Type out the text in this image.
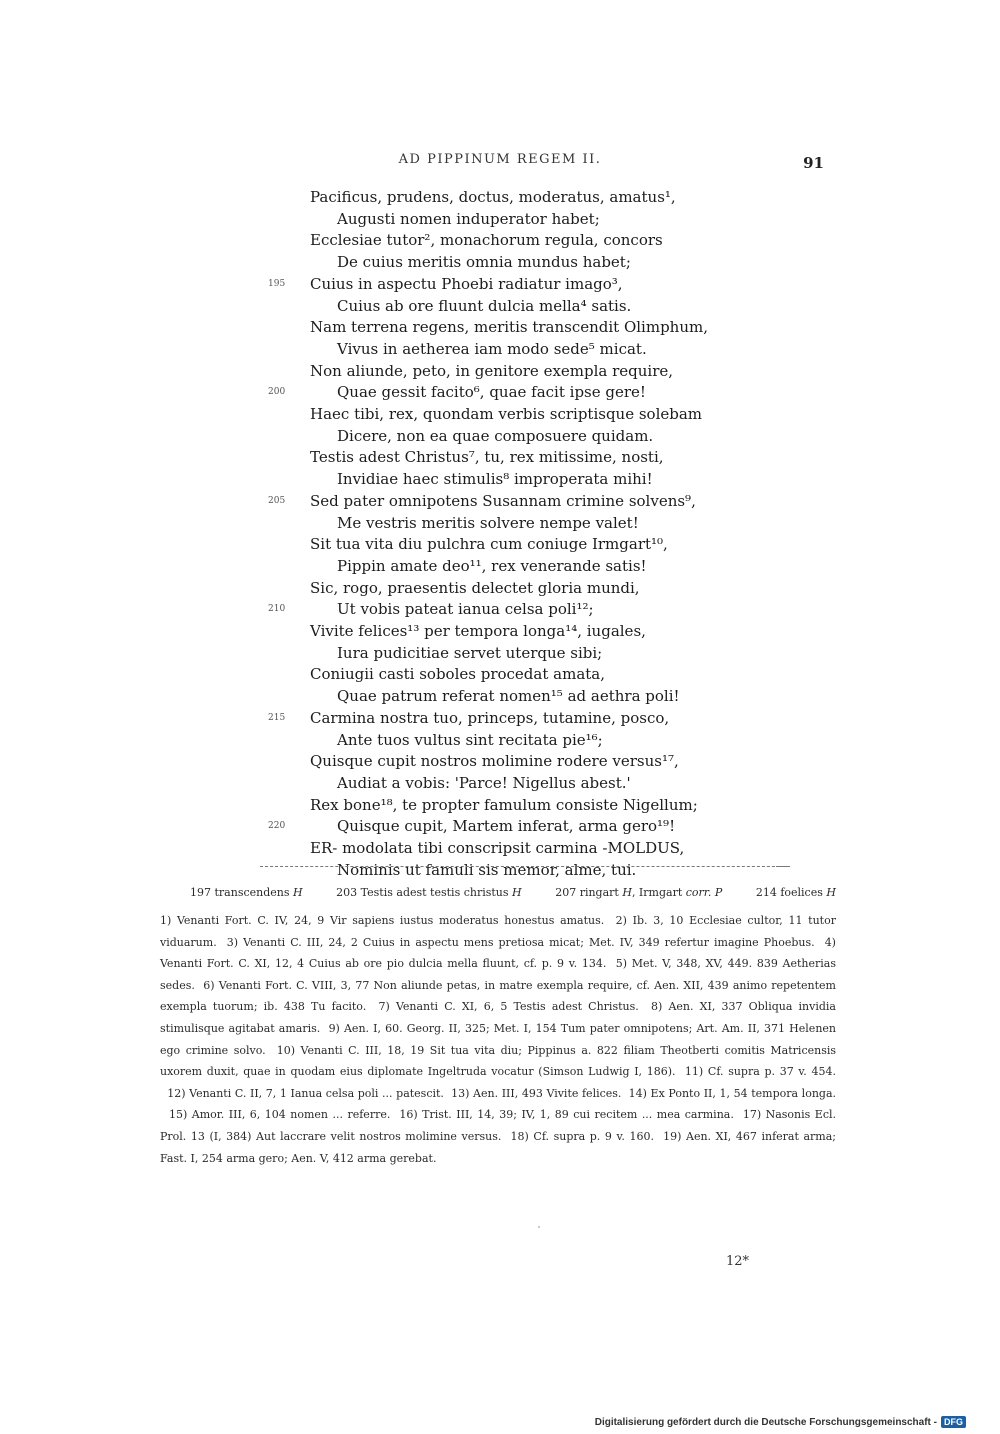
AD PIPPINUM REGEM II.	91
Pacificus, prudens, doctus, moderatus, amatus¹,
Augusti nomen induperator habet;
Ecclesiae tutor², monachorum regula, concors
De cuius meritis omnia mundus habet;
Cuius in aspectu Phoebi radiatur imago³,
195
Cuius ab ore fluunt dulcia mella⁴ satis.
Nam terrena regens, meritis transcendit Olimphum,
Vivus in aetherea iam modo sede⁵ micat.
Non aliunde, peto, in genitore exempla require,
Quae gessit facito⁶, quae facit ipse gere!
200
Haec tibi, rex, quondam verbis scriptisque solebam
Dicere, non ea quae composuere quidam.
Testis adest Christus⁷, tu, rex mitissime, nosti,
Invidiae haec stimulis⁸ improperata mihi!
Sed pater omnipotens Susannam crimine solvens⁹,
205
Me vestris meritis solvere nempe valet!
Sit tua vita diu pulchra cum coniuge Irmgart¹⁰,
Pippin amate deo¹¹, rex venerande satis!
Sic, rogo, praesentis delectet gloria mundi,
Ut vobis pateat ianua celsa poli¹²;
210
Vivite felices¹³ per tempora longa¹⁴, iugales,
Iura pudicitiae servet uterque sibi;
Coniugii casti soboles procedat amata,
Quae patrum referat nomen¹⁵ ad aethra poli!
Carmina nostra tuo, princeps, tutamine, posco,
215
Ante tuos vultus sint recitata pie¹⁶;
Quisque cupit nostros molimine rodere versus¹⁷,
Audiat a vobis: 'Parce! Nigellus abest.'
Rex bone¹⁸, te propter famulum consiste Nigellum;
Quisque cupit, Martem inferat, arma gero¹⁹!
220
ER- modolata tibi conscripsit carmina -MOLDUS,
Nominis ut famuli sis memor, alme, tui.
197 transcendens H	203 Testis adest testis christus H	207 ringart H, Irmgart corr. P	214 foelices H
1) Venanti Fort. C. IV, 24, 9 Vir sapiens iustus moderatus honestus amatus. 2) Ib. 3, 10 Ecclesiae cultor, 11 tutor viduarum. 3) Venanti C. III, 24, 2 Cuius in aspectu mens pretiosa micat; Met. IV, 349 refertur imagine Phoebus. 4) Venanti Fort. C. XI, 12, 4 Cuius ab ore pio dulcia mella fluunt, cf. p. 9 v. 134. 5) Met. V, 348, XV, 449. 839 Aetherias sedes. 6) Venanti Fort. C. VIII, 3, 77 Non aliunde petas, in matre exempla require, cf. Aen. XII, 439 animo repetentem exempla tuorum; ib. 438 Tu facito. 7) Venanti C. XI, 6, 5 Testis adest Christus. 8) Aen. XI, 337 Obliqua invidia stimulisque agitabat amaris. 9) Aen. I, 60. Georg. II, 325; Met. I, 154 Tum pater omnipotens; Art. Am. II, 371 Helenen ego crimine solvo. 10) Venanti C. III, 18, 19 Sit tua vita diu; Pippinus a. 822 filiam Theotberti comitis Matricensis uxorem duxit, quae in quodam eius diplomate Ingeltruda vocatur (Simson Ludwig I, 186). 11) Cf. supra p. 37 v. 454.12) Venanti C. II, 7, 1 Ianua celsa poli ... patescit. 13) Aen. III, 493 Vivite felices. 14) Ex Ponto II, 1, 54 tempora longa.15) Amor. III, 6, 104 nomen ... referre. 16) Trist. III, 14, 39; IV, 1, 89 cui recitem ... mea carmina. 17) Nasonis Ecl. Prol. 13 (I, 384) Aut laccrare velit nostros molimine versus. 18) Cf. supra p. 9 v. 160. 19) Aen. XI, 467 inferat arma; Fast. I, 254 arma gero; Aen. V, 412 arma gerebat.
12*
Digitalisierung gefördert durch die Deutsche Forschungsgemeinschaft - DFG
